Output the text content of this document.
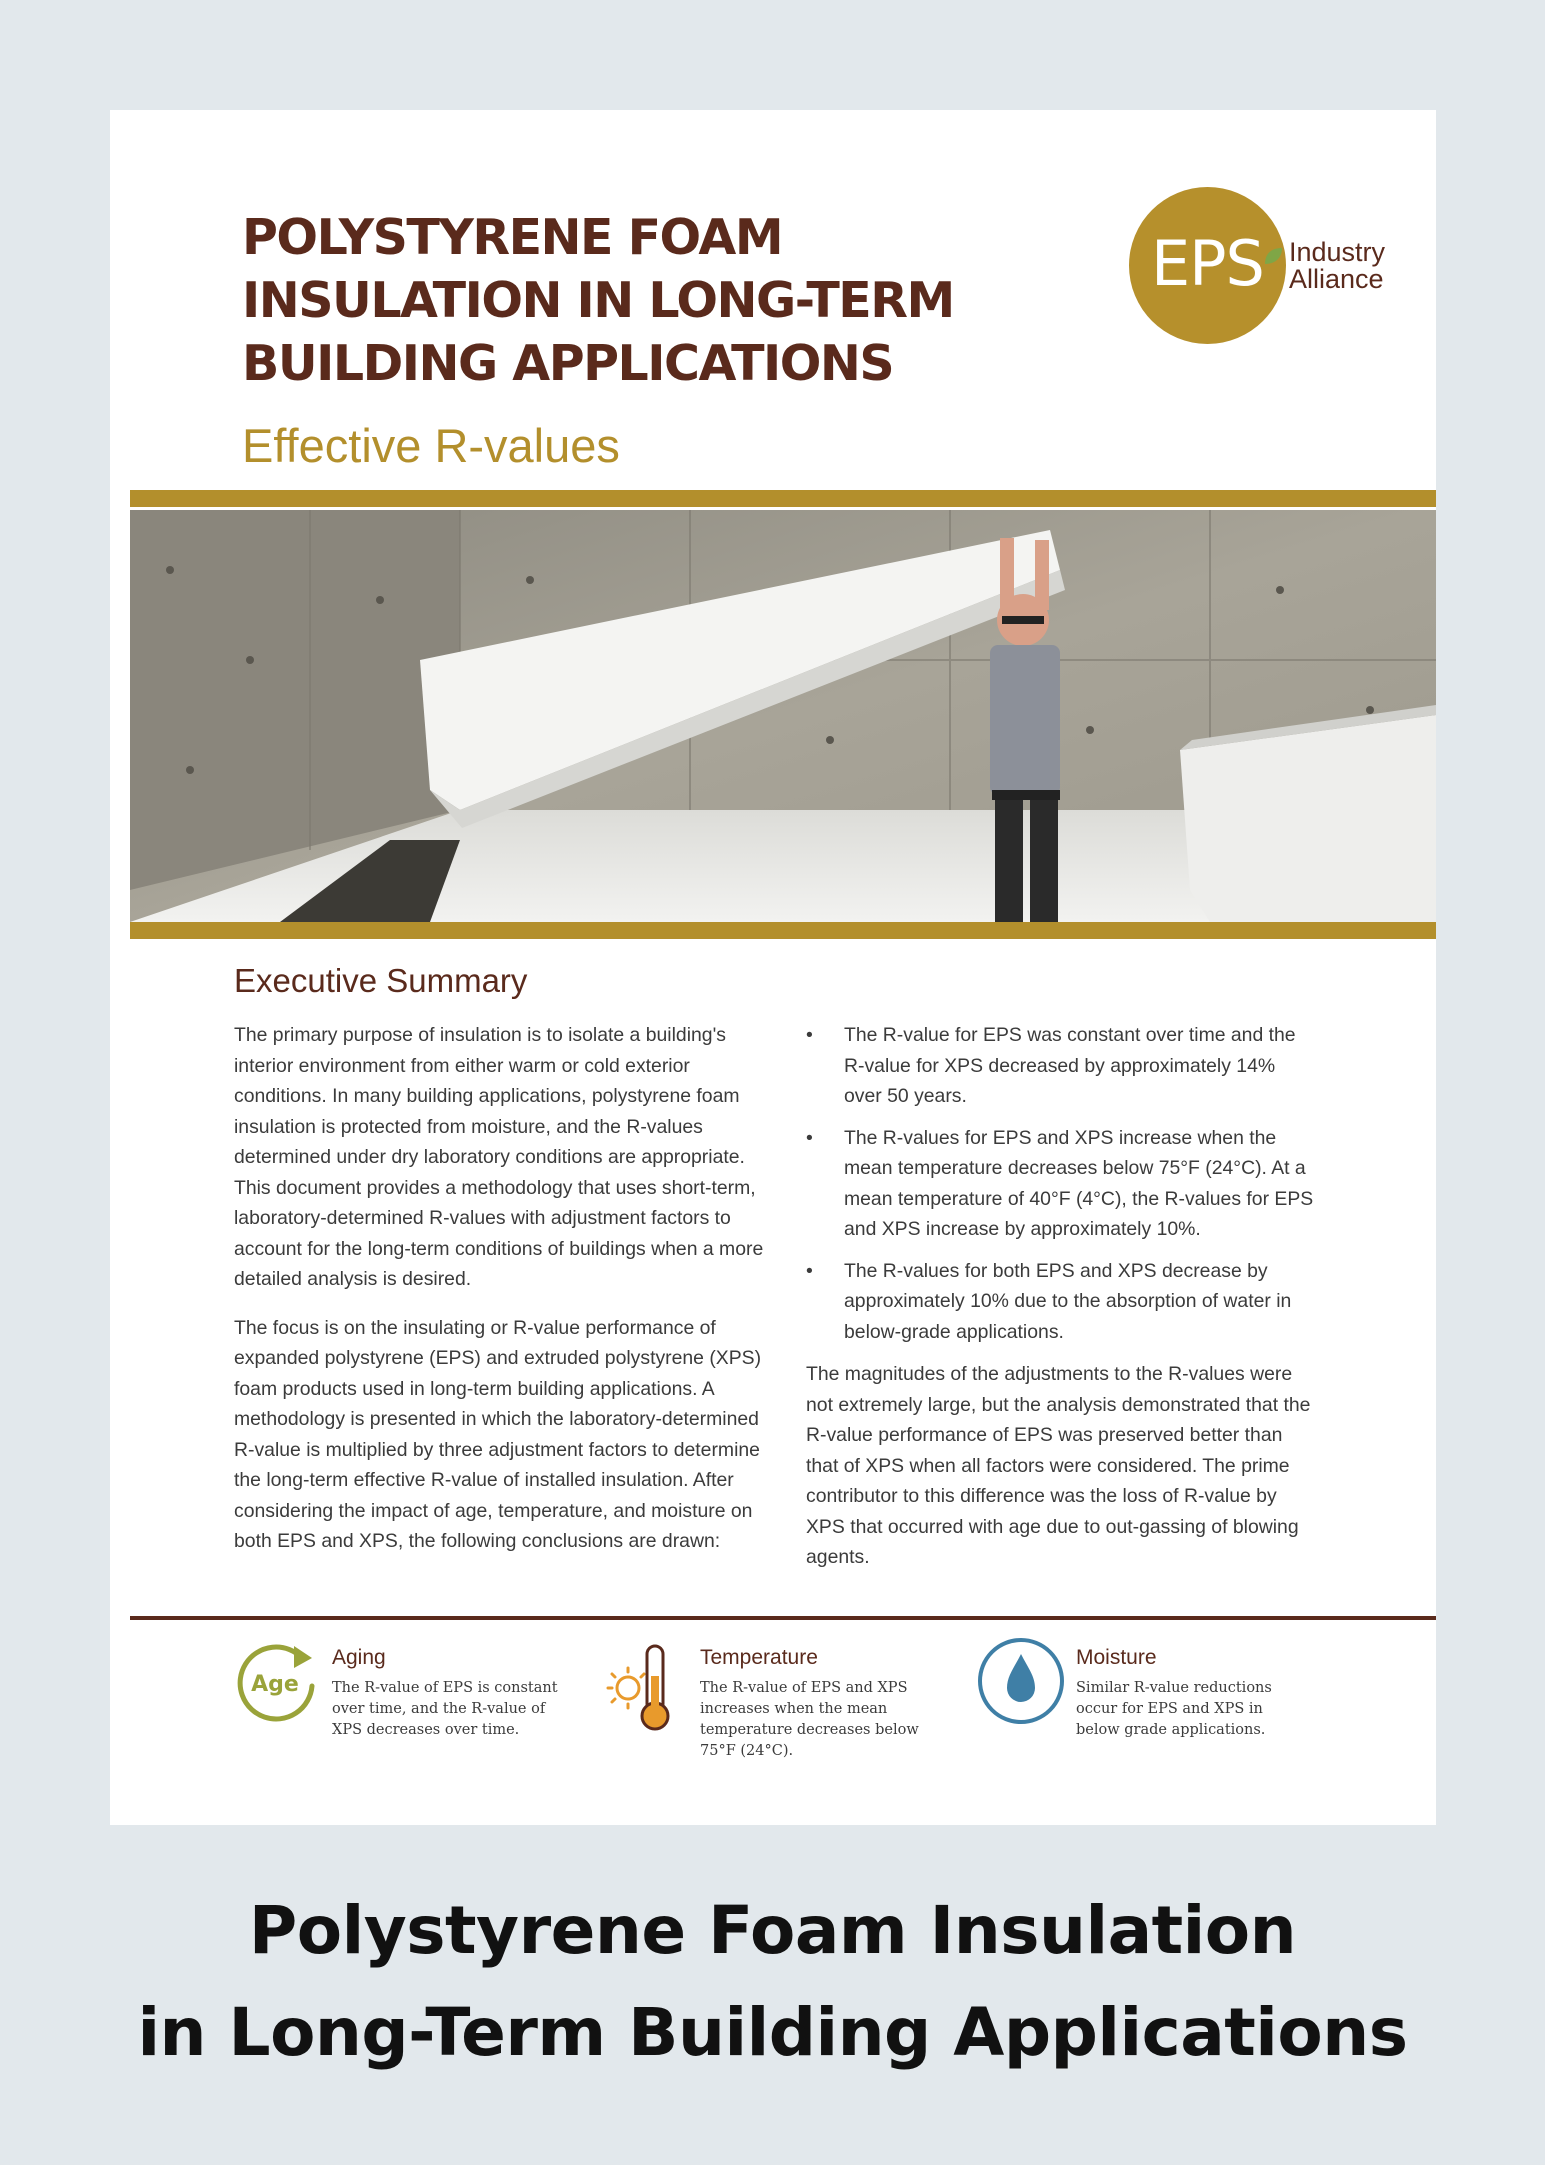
POLYSTYRENE FOAM
INSULATION IN LONG-TERM
BUILDING APPLICATIONS
Effective R-values
EPS Industry
Alliance
Executive Summary

The primary purpose of insulation is to isolate a building's interior environment from either warm or cold exterior conditions. In many building applications, polystyrene foam insulation is protected from moisture, and the R-values determined under dry laboratory conditions are appropriate. This document provides a methodology that uses short-term, laboratory-determined R-values with adjustment factors to account for the long-term conditions of buildings when a more detailed analysis is desired.

The focus is on the insulating or R-value performance of expanded polystyrene (EPS) and extruded polystyrene (XPS) foam products used in long-term building applications. A methodology is presented in which the laboratory-determined R-value is multiplied by three adjustment factors to determine the long-term effective R-value of installed insulation. After considering the impact of age, temperature, and moisture on both EPS and XPS, the following conclusions are drawn:

• The R-value for EPS was constant over time and the R-value for XPS decreased by approximately 14% over 50 years.
• The R-values for EPS and XPS increase when the mean temperature decreases below 75°F (24°C). At a mean temperature of 40°F (4°C), the R-values for EPS and XPS increase by approximately 10%.
• The R-values for both EPS and XPS decrease by approximately 10% due to the absorption of water in below-grade applications.

The magnitudes of the adjustments to the R-values were not extremely large, but the analysis demonstrated that the R-value performance of EPS was preserved better than that of XPS when all factors were considered. The prime contributor to this difference was the loss of R-value by XPS that occurred with age due to out-gassing of blowing agents.

Age
Aging
The R-value of EPS is constant over time, and the R-value of XPS decreases over time.
Temperature
The R-value of EPS and XPS increases when the mean temperature decreases below 75°F (24°C).
Moisture
Similar R-value reductions occur for EPS and XPS in below grade applications.
Polystyrene Foam Insulation
in Long-Term Building Applications
